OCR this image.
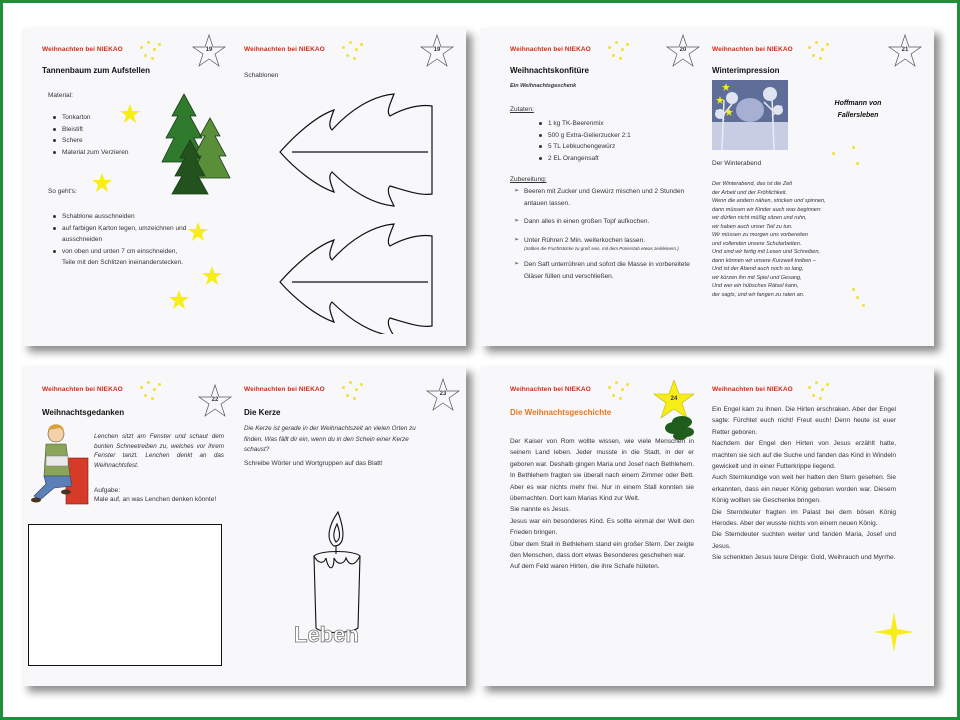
Weihnachten bei NIEKAO	19
Tannenbaum zum Aufstellen
Material:
Tonkarton
Bleistift
Schere
Material zum Verzieren
So geht's:
Schablone ausschneiden
auf farbigen Karton legen, umzeichnen und ausschneiden
von oben und unten 7 cm einschneiden, Teile mit den Schlitzen ineinanderstecken.
Weihnachten bei NIEKAO	19
Schablonen
Weihnachten bei NIEKAO	20
Weihnachtskonfitüre
Ein Weihnachtsgeschenk
Zutaten:
1 kg TK-Beerenmix
500 g Extra-Gelierzucker 2:1
5 TL Lebkuchengewürz
2 EL Orangensaft
Zubereitung:
➢ Beeren mit Zucker und Gewürz mischen und 2 Stunden antauen lassen.
➢ Dann alles in einen großen Topf aufkochen.
➢ Unter Rühren 2 Min. weiterkochen lassen.

(Sollten die Fruchtstücke zu groß sein, mit dem Pürierstab etwas zerkleinern.)
➢ Den Saft unterrühren und sofort die Masse in vorbereitete Gläser füllen und verschließen.
Weihnachten bei NIEKAO	21
Winterimpression
Hoffmann von Fallersleben
Der Winterabend
Der Winterabend, das ist die Zeit
der Arbeit und der Fröhlichkeit.
Wenn die andern nähen, stricken und spinnen,
dann müssen wir Kinder auch was beginnen:
wir dürfen nicht müßig sitzen und ruhn,
wir haben auch unser Teil zu tun.
Wir müssen zu morgen uns vorbereiten
und vollenden unsere Schularbeiten.
Und sind wir fertig mit Lesen und Schreiben,
dann können wir unsere Kurzweil treiben –
Und ist der Abend auch noch so lang,
wir kürzen ihn mit Spiel und Gesang,
Und wer ein hübsches Rätsel kann,
der sagts, und wir fangen zu raten an.
Weihnachten bei NIEKAO
22
Weihnachtsgedanken
Lenchen sitzt am Fenster und schaut dem bunten Schneetreiben zu, welches vor ihrem Fenster tanzt. Lenchen denkt an das Weihnachtsfest.
Aufgabe:
Male auf, an was Lenchen denken könnte!
Weihnachten bei NIEKAO
23
Die Kerze
Die Kerze ist gerade in der Weihnachtszeit an vielen Orten zu finden. Was fällt dir ein, wenn du in den Schein einer Kerze schaust?
Schreibe Wörter und Wortgruppen auf das Blatt!
Leben
Weihnachten bei NIEKAO
24
Die Weihnachtsgeschichte
Der Kaiser von Rom wollte wissen, wie viele Menschen in seinem Land leben. Jeder musste in die Stadt, in der er geboren war. Deshalb gingen Maria und Josef nach Bethlehem. In Bethlehem fragten sie überall nach einem Zimmer oder Bett. Aber es war nichts mehr frei. Nur in einem Stall konnten sie übernachten. Dort kam Marias Kind zur Welt.
Sie nannte es Jesus.
Jesus war ein besonderes Kind. Es sollte einmal der Welt den Frieden bringen.
Über dem Stall in Bethlehem stand ein großer Stern. Der zeigte den Menschen, dass dort etwas Besonderes geschehen war.
Auf dem Feld waren Hirten, die ihre Schafe hüteten.
Weihnachten bei NIEKAO
Ein Engel kam zu ihnen. Die Hirten erschraken. Aber der Engel sagte: Fürchtet euch nicht! Freut euch! Denn heute ist euer Retter geboren.
Nachdem der Engel den Hirten von Jesus erzählt hatte, machten sie sich auf die Suche und fanden das Kind in Windeln gewickelt und in einer Futterkrippe liegend.
Auch Sternkundige von weit her hatten den Stern gesehen. Sie erkannten, dass ein neuer König geboren worden war. Diesem König wollten sie Geschenke bringen.
Die Sterndeuter fragten im Palast bei dem bösen König Herodes. Aber der wusste nichts von einem neuen König.
Die Sterndeuter suchten weiter und fanden Maria, Josef und Jesus.
Sie schenkten Jesus teure Dinge: Gold, Weihrauch und Myrrhe.
